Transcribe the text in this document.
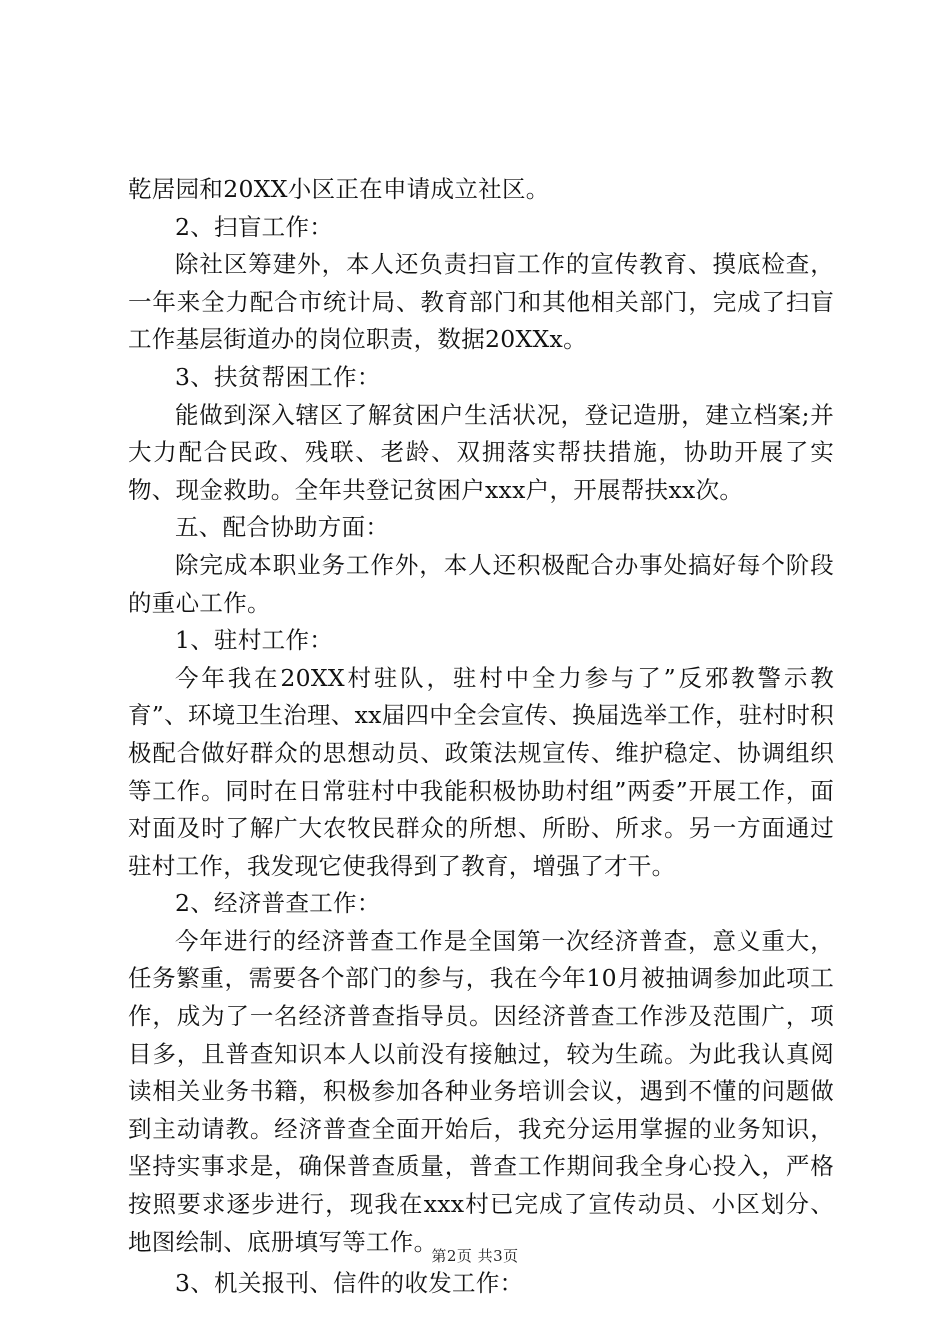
乾居园和20XX小区正在申请成立社区。

2、扫盲工作：

除社区筹建外，本人还负责扫盲工作的宣传教育、摸底检查，一年来全力配合市统计局、教育部门和其他相关部门，完成了扫盲工作基层街道办的岗位职责，数据20XXx。

3、扶贫帮困工作：

能做到深入辖区了解贫困户生活状况，登记造册，建立档案;并大力配合民政、残联、老龄、双拥落实帮扶措施，协助开展了实物、现金救助。全年共登记贫困户xxx户，开展帮扶xx次。

五、配合协助方面：

除完成本职业务工作外，本人还积极配合办事处搞好每个阶段的重心工作。

1、驻村工作：

今年我在20XX村驻队，驻村中全力参与了”反邪教警示教育”、环境卫生治理、xx届四中全会宣传、换届选举工作，驻村时积极配合做好群众的思想动员、政策法规宣传、维护稳定、协调组织等工作。同时在日常驻村中我能积极协助村组”两委”开展工作，面对面及时了解广大农牧民群众的所想、所盼、所求。另一方面通过驻村工作，我发现它使我得到了教育，增强了才干。

2、经济普查工作：

今年进行的经济普查工作是全国第一次经济普查，意义重大，任务繁重，需要各个部门的参与，我在今年10月被抽调参加此项工作，成为了一名经济普查指导员。因经济普查工作涉及范围广，项目多，且普查知识本人以前没有接触过，较为生疏。为此我认真阅读相关业务书籍，积极参加各种业务培训会议，遇到不懂的问题做到主动请教。经济普查全面开始后，我充分运用掌握的业务知识，坚持实事求是，确保普查质量，普查工作期间我全身心投入，严格按照要求逐步进行，现我在xxx村已完成了宣传动员、小区划分、地图绘制、底册填写等工作。

3、机关报刊、信件的收发工作：

第2页 共3页
